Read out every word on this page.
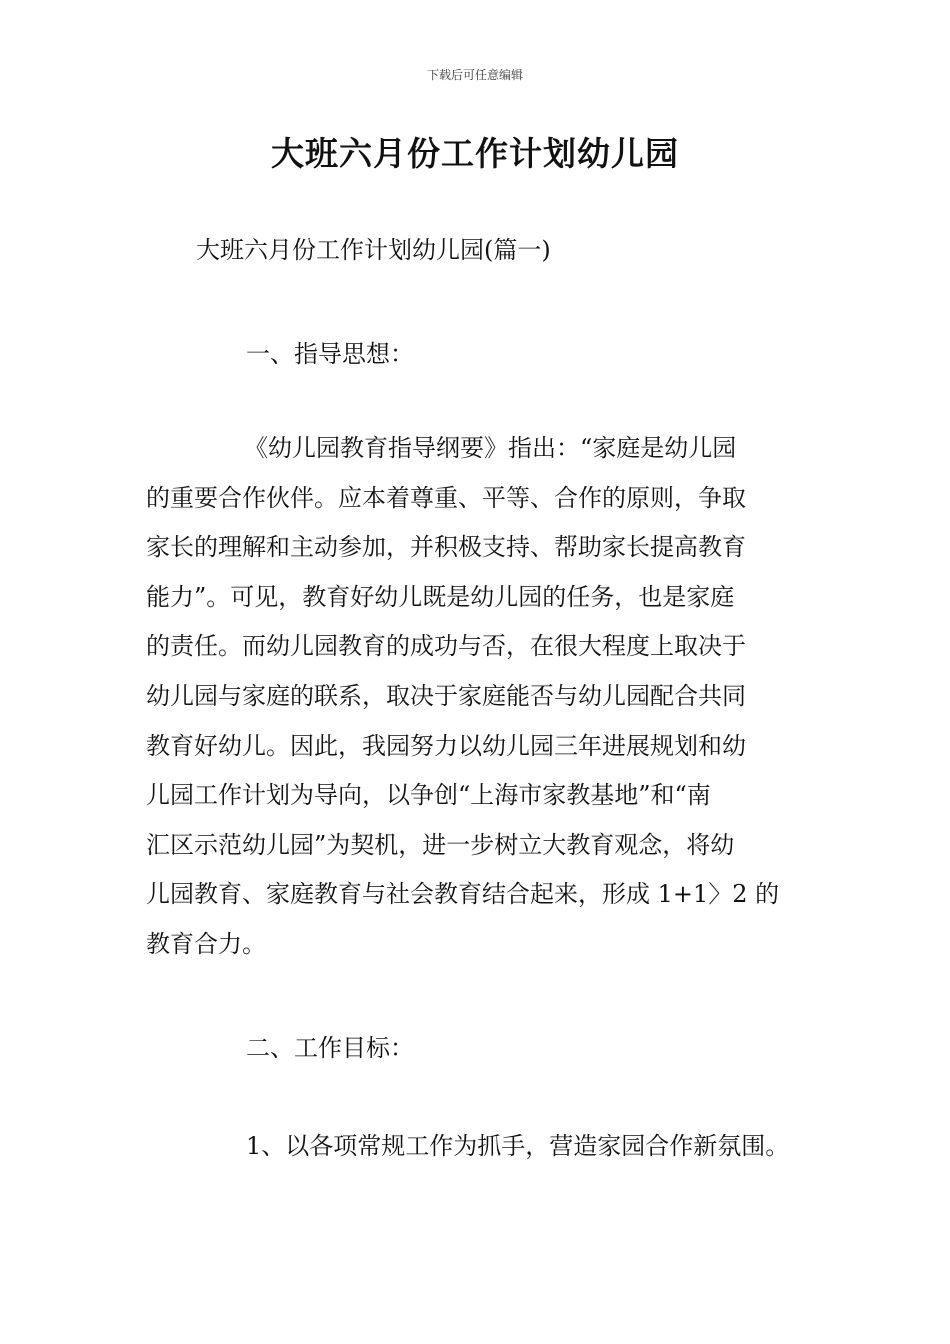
下载后可任意编辑
大班六月份工作计划幼儿园
大班六月份工作计划幼儿园(篇一)
一、指导思想：
《幼儿园教育指导纲要》指出：“家庭是幼儿园
的重要合作伙伴。应本着尊重、平等、合作的原则，争取
家长的理解和主动参加，并积极支持、帮助家长提高教育
能力”。可见，教育好幼儿既是幼儿园的任务，也是家庭
的责任。而幼儿园教育的成功与否，在很大程度上取决于
幼儿园与家庭的联系，取决于家庭能否与幼儿园配合共同
教育好幼儿。因此，我园努力以幼儿园三年进展规划和幼
儿园工作计划为导向，以争创“上海市家教基地”和“南
汇区示范幼儿园”为契机，进一步树立大教育观念，将幼
儿园教育、家庭教育与社会教育结合起来，形成 1+1〉2 的
教育合力。
二、工作目标：
1、以各项常规工作为抓手，营造家园合作新氛围。
